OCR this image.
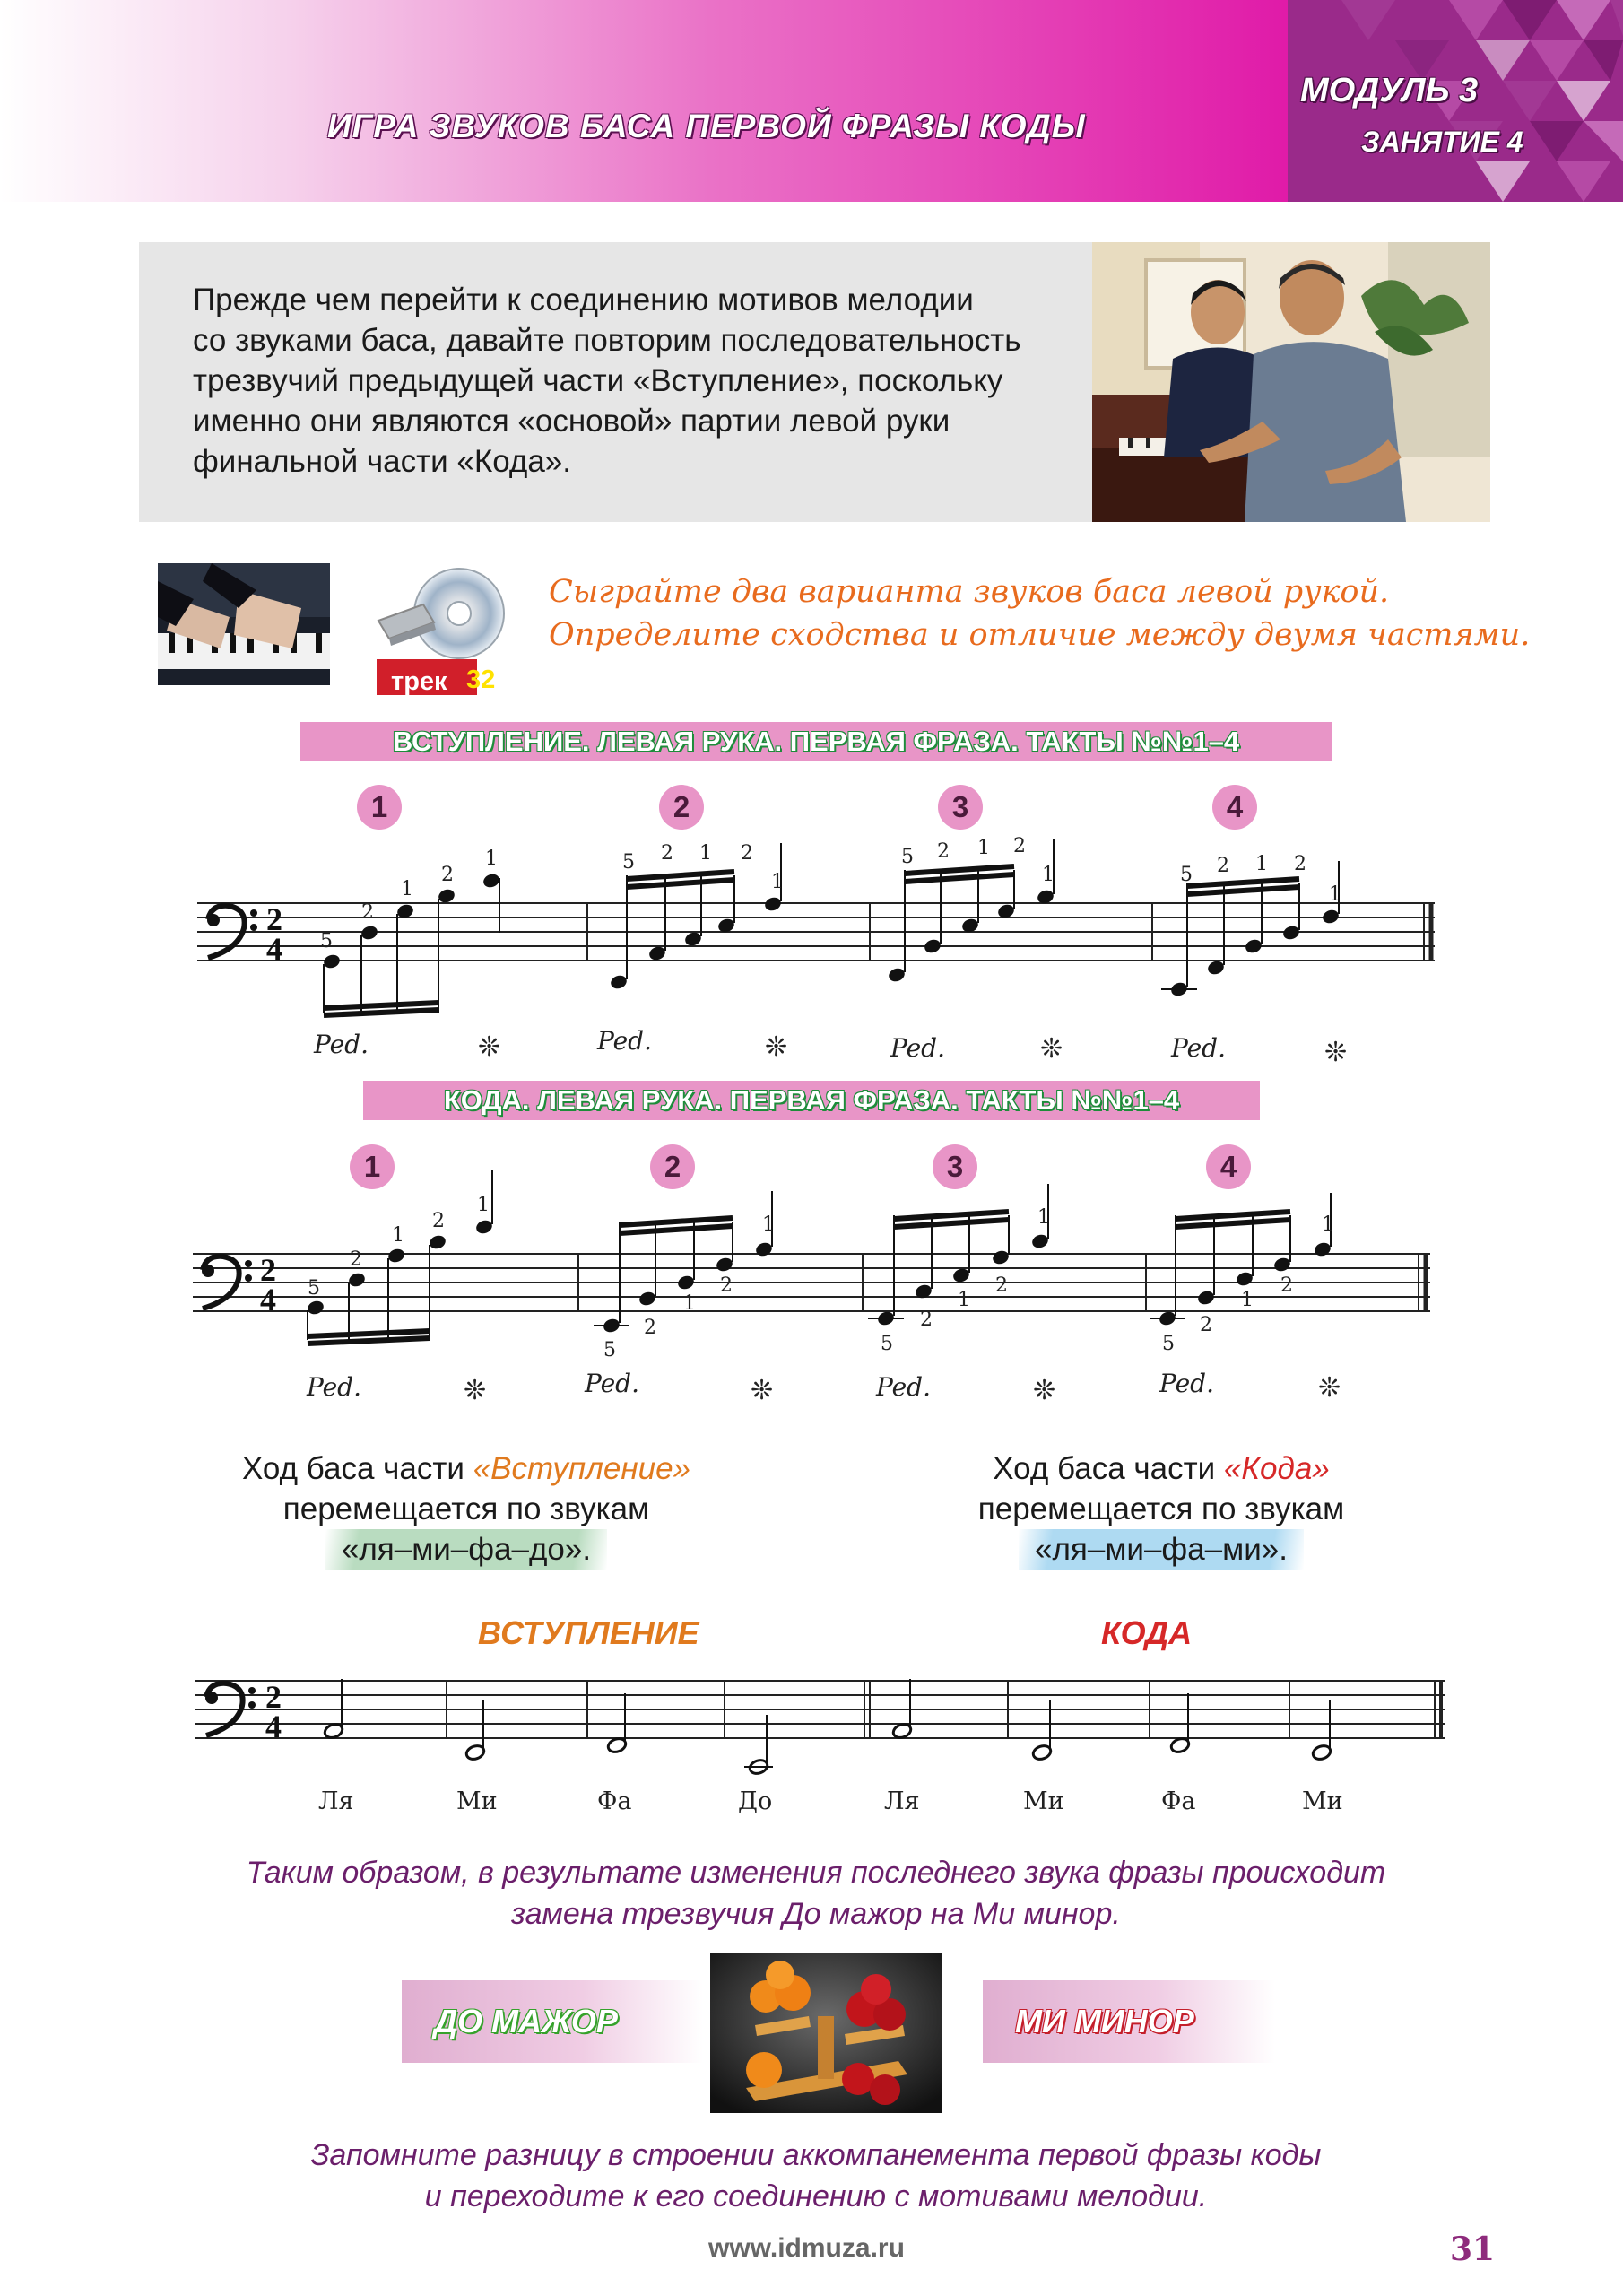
ИГРА ЗВУКОВ БАСА ПЕРВОЙ ФРАЗЫ КОДЫ
МОДУЛЬ 3
ЗАНЯТИЕ 4
Прежде чем перейти к соединению мотивов мелодии
со звуками баса, давайте повторим последовательность
трезвучий предыдущей части «Вступление», поскольку
именно они являются «основой» партии левой руки
финальной части «Кода».
трек 32
Сыграйте два варианта звуков баса левой рукой.
Определите сходства и отличие между двумя частями.
ВСТУПЛЕНИЕ. ЛЕВАЯ РУКА. ПЕРВАЯ ФРАЗА. ТАКТЫ №№1–4
1	2	3	4
5
2
1
2
1	5 2 1 2
1
5 2 1 2
1	5 2 1 2
1
2
4
Ped.	❊	Ped.	❊	Ped.	❊	Ped.	❊
КОДА. ЛЕВАЯ РУКА. ПЕРВАЯ ФРАЗА. ТАКТЫ №№1–4
1	2	3	4
2
4 5
2
1
2
1
5
2
1
2
1
5
2
1
2
1
5
2
1
2
1
Ped.	❊	Ped.	❊	Ped.	❊	Ped.	❊
Ход баса части «Вступление»
перемещается по звукам
«ля–ми–фа–до».
Ход баса части «Кода»
перемещается по звукам
«ля–ми–фа–ми».
ВСТУПЛЕНИЕ	КОДА
2
4
Ля	Ми	Фа	До	Ля	Ми	Фа	Ми
Таким образом, в результате изменения последнего звука фразы происходит
замена трезвучия До мажор на Ми минор.
ДО МАЖОР	МИ МИНОР
Запомните разницу в строении аккомпанемента первой фразы коды
и переходите к его соединению с мотивами мелодии.
www.idmuza.ru	31
